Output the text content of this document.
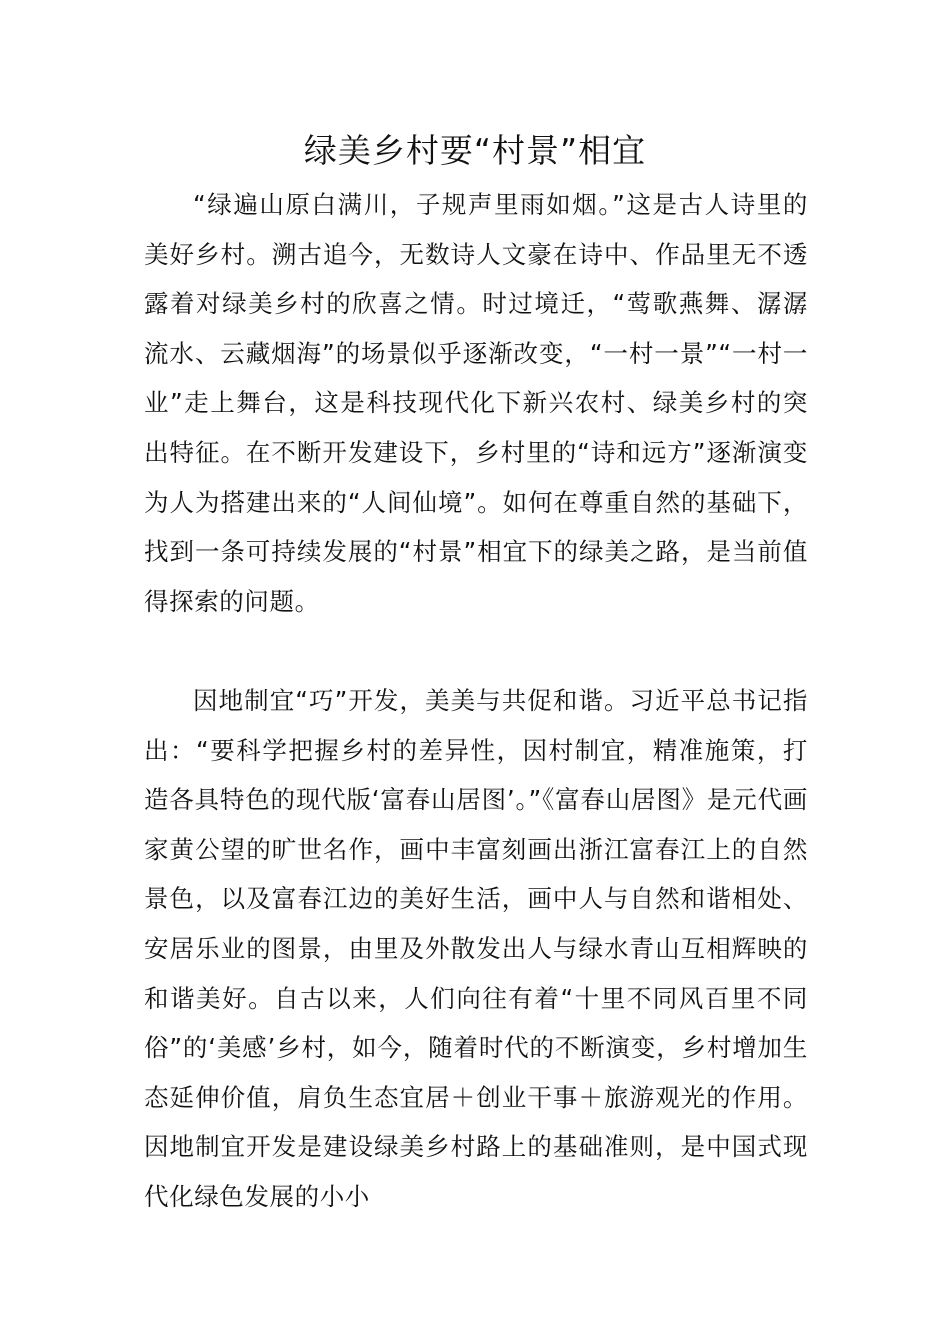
绿美乡村要“村景”相宜

“绿遍山原白满川，子规声里雨如烟。”这是古人诗里的美好乡村。溯古追今，无数诗人文豪在诗中、作品里无不透露着对绿美乡村的欣喜之情。时过境迁，“莺歌燕舞、潺潺流水、云藏烟海”的场景似乎逐渐改变，“一村一景”“一村一业”走上舞台，这是科技现代化下新兴农村、绿美乡村的突出特征。在不断开发建设下，乡村里的“诗和远方”逐渐演变为人为搭建出来的“人间仙境”。如何在尊重自然的基础下，找到一条可持续发展的“村景”相宜下的绿美之路，是当前值得探索的问题。

因地制宜“巧”开发，美美与共促和谐。习近平总书记指出：“要科学把握乡村的差异性，因村制宜，精准施策，打造各具特色的现代版‘富春山居图’。”《富春山居图》是元代画家黄公望的旷世名作，画中丰富刻画出浙江富春江上的自然景色，以及富春江边的美好生活，画中人与自然和谐相处、安居乐业的图景，由里及外散发出人与绿水青山互相辉映的和谐美好。自古以来，人们向往有着“十里不同风百里不同俗”的‘美感’乡村，如今，随着时代的不断演变，乡村增加生态延伸价值，肩负生态宜居＋创业干事＋旅游观光的作用。因地制宜开发是建设绿美乡村路上的基础准则，是中国式现代化绿色发展的小小
